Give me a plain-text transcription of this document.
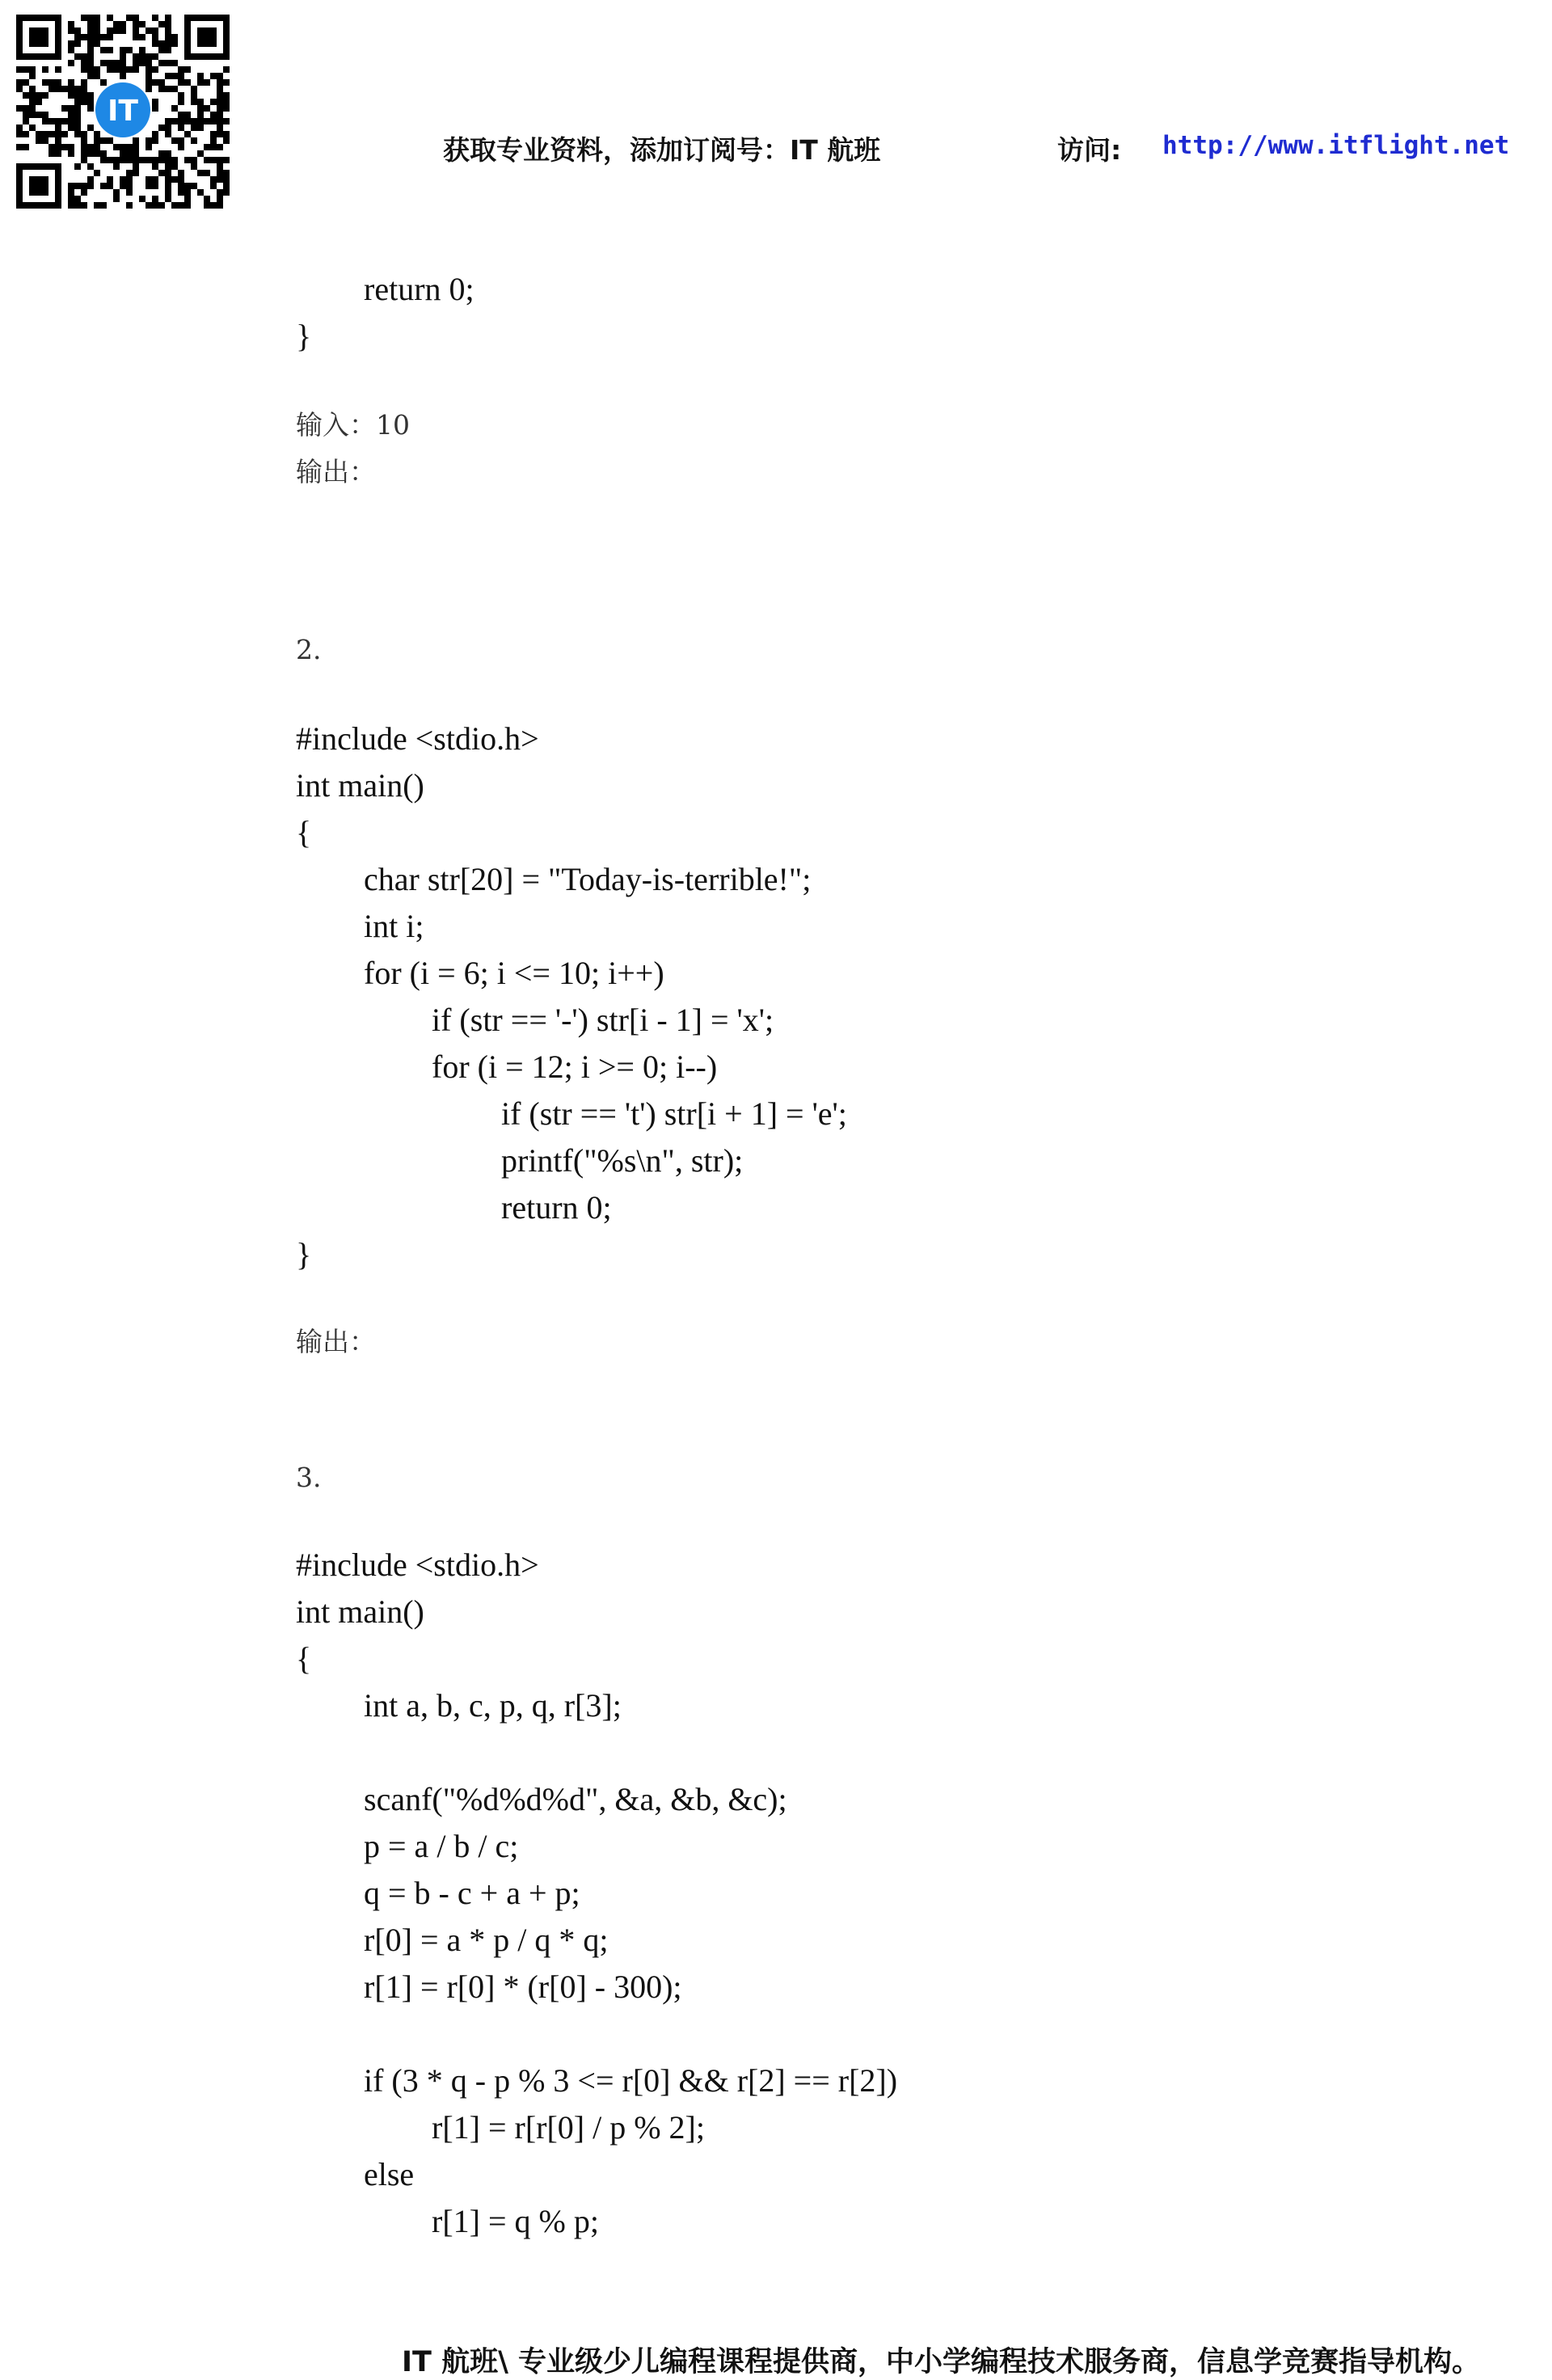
IT
获取专业资料，添加订阅号：IT 航班	访问: http://www.itflight.net
return 0;
}
输入：10
输出：
2.
#include <stdio.h>
int main()
{
char str[20] = "Today-is-terrible!";
int i;
for (i = 6; i <= 10; i++)
if (str == '-') str[i - 1] = 'x';
for (i = 12; i >= 0; i--)
if (str == 't') str[i + 1] = 'e';
printf("%s\n", str);
return 0;
}
输出：
3.
#include <stdio.h>
int main()
{
int a, b, c, p, q, r[3];
scanf("%d%d%d", &a, &b, &c);
p = a / b / c;
q = b - c + a + p;
r[0] = a * p / q * q;
r[1] = r[0] * (r[0] - 300);
if (3 * q - p % 3 <= r[0] && r[2] == r[2])
r[1] = r[r[0] / p % 2];
else
r[1] = q % p;
IT 航班\ 专业级少儿编程课程提供商，中小学编程技术服务商，信息学竞赛指导机构。
